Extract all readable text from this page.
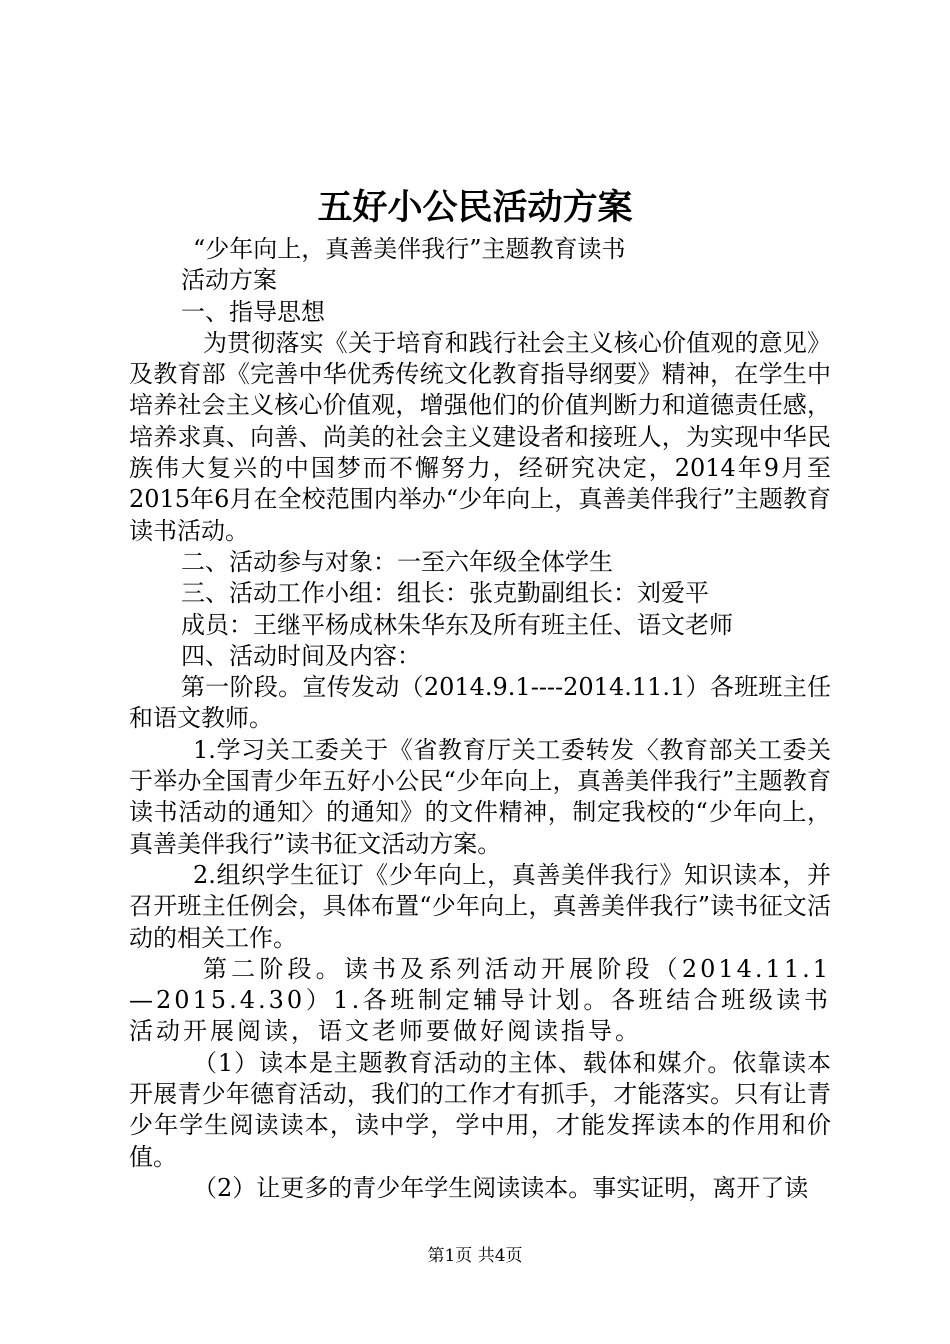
五好小公民活动方案

“少年向上，真善美伴我行”主题教育读书

活动方案

一、指导思想

为贯彻落实《关于培育和践行社会主义核心价值观的意见》及教育部《完善中华优秀传统文化教育指导纲要》精神，在学生中培养社会主义核心价值观，增强他们的价值判断力和道德责任感，培养求真、向善、尚美的社会主义建设者和接班人，为实现中华民族伟大复兴的中国梦而不懈努力，经研究决定，2014年9月至2015年6月在全校范围内举办“少年向上，真善美伴我行”主题教育读书活动。

二、活动参与对象：一至六年级全体学生

三、活动工作小组：组长：张克勤副组长：刘爱平

成员：王继平杨成林朱华东及所有班主任、语文老师

四、活动时间及内容：

第一阶段。宣传发动（2014.9.1----2014.11.1）各班班主任和语文教师。

1.学习关工委关于《省教育厅关工委转发〈教育部关工委关于举办全国青少年五好小公民“少年向上，真善美伴我行”主题教育读书活动的通知〉的通知》的文件精神，制定我校的“少年向上，真善美伴我行”读书征文活动方案。

2.组织学生征订《少年向上，真善美伴我行》知识读本，并召开班主任例会，具体布置“少年向上，真善美伴我行”读书征文活动的相关工作。

第二阶段。读书及系列活动开展阶段（2014.11.1—2015.4.30）1.各班制定辅导计划。各班结合班级读书活动开展阅读，语文老师要做好阅读指导。

（1）读本是主题教育活动的主体、载体和媒介。依靠读本开展青少年德育活动，我们的工作才有抓手，才能落实。只有让青少年学生阅读读本，读中学，学中用，才能发挥读本的作用和价值。

（2）让更多的青少年学生阅读读本。事实证明，离开了读

第1页 共4页
